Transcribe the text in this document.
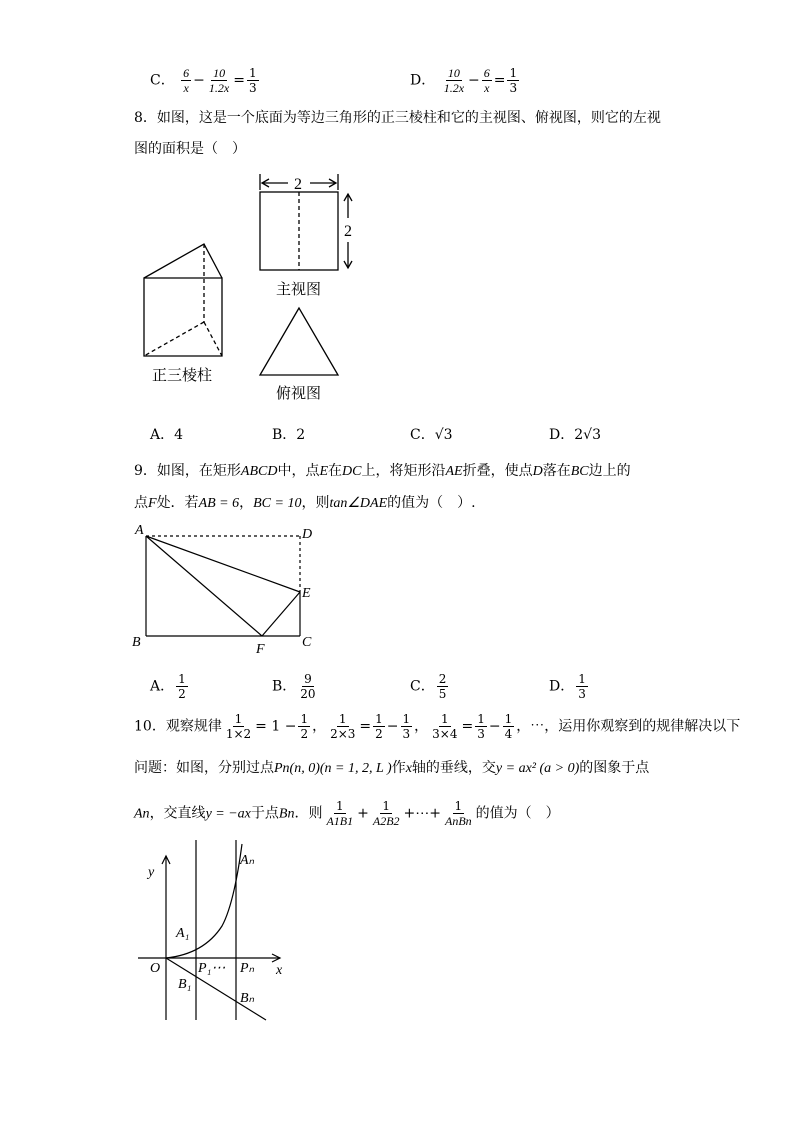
C． $\frac{6}{x} - \frac{10}{1.2x} = \frac{1}{3}$	D． $\frac{10}{1.2x} - \frac{6}{x} = \frac{1}{3}$
8．如图，这是一个底面为等边三角形的正三棱柱和它的主视图、俯视图，则它的左视
图的面积是（　）
正三棱柱
2
2
主视图
俯视图
A．4	B．2	C．√3	D．2√3
9．如图，在矩形ABCD中，点E在DC上，将矩形沿AE折叠，使点D落在BC边上的
点F处．若AB = 6，BC = 10，则tan∠DAE的值为（　）.
A	D
E
B	C
F
A． $\frac{1}{2}$	B． $\frac{9}{20}$	C． $\frac{2}{5}$	D． $\frac{1}{3}$
10．观察规律 $\frac{1}{1\times 2} = 1 - \frac{1}{2}$ ， $\frac{1}{2\times 3} = \frac{1}{2} - \frac{1}{3}$ ， $\frac{1}{3\times 4} = \frac{1}{3} - \frac{1}{4}$ ，⋯，运用你观察到的规律解决以下
问题：如图，分别过点Pn(n, 0)(n = 1, 2, L )作x轴的垂线，交y = ax² (a > 0)的图象于点
An，交直线y = −ax于点Bn．则 $\frac{1}{A1B1} + \frac{1}{A2B2}$ +⋯+ $\frac{1}{\text{AnBn}}$ 的值为（　）
y
x
O
A₁
Aₙ
P₁⋯ Pₙ
B₁
Bₙ
